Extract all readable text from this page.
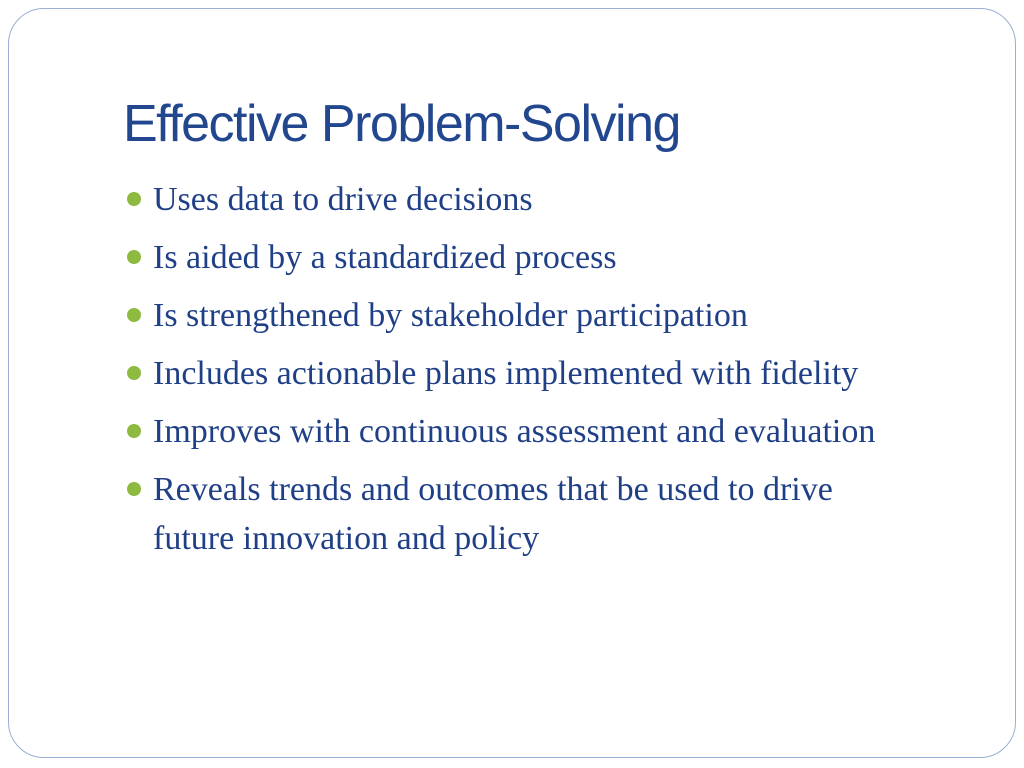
Effective Problem-Solving
Uses data to drive decisions
Is aided by a standardized process
Is strengthened by stakeholder participation
Includes actionable plans implemented with fidelity
Improves with continuous assessment and evaluation
Reveals trends and outcomes that be used to drive future innovation and policy
